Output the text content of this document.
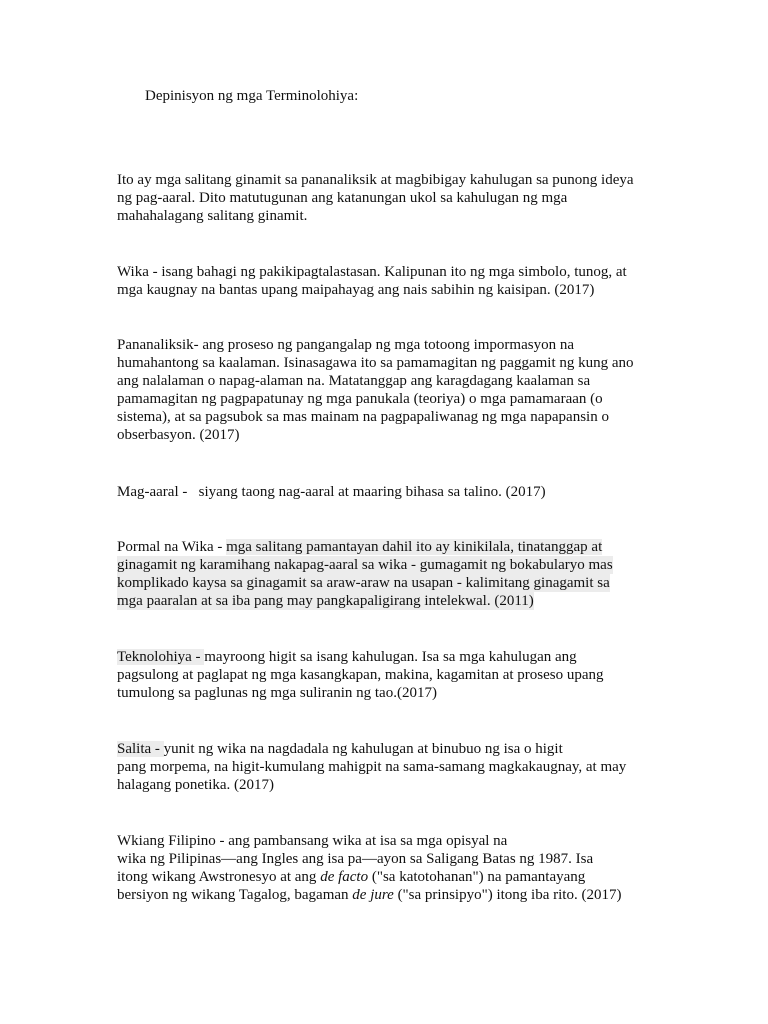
Depinisyon ng mga Terminolohiya:
Ito ay mga salitang ginamit sa pananaliksik at magbibigay kahulugan sa punong ideya
ng pag-aaral. Dito matutugunan ang katanungan ukol sa kahulugan ng mga
mahahalagang salitang ginamit.
Wika - isang bahagi ng pakikipagtalastasan. Kalipunan ito ng mga simbolo, tunog, at
mga kaugnay na bantas upang maipahayag ang nais sabihin ng kaisipan. (2017)
Pananaliksik- ang proseso ng pangangalap ng mga totoong impormasyon na
humahantong sa kaalaman. Isinasagawa ito sa pamamagitan ng paggamit ng kung ano
ang nalalaman o napag-alaman na. Matatanggap ang karagdagang kaalaman sa
pamamagitan ng pagpapatunay ng mga panukala (teoriya) o mga pamamaraan (o
sistema), at sa pagsubok sa mas mainam na pagpapaliwanag ng mga napapansin o
obserbasyon. (2017)
Mag-aaral -   siyang taong nag-aaral at maaring bihasa sa talino. (2017)
Pormal na Wika - mga salitang pamantayan dahil ito ay kinikilala, tinatanggap at
ginagamit ng karamihang nakapag-aaral sa wika - gumagamit ng bokabularyo mas
komplikado kaysa sa ginagamit sa araw-araw na usapan - kalimitang ginagamit sa
mga paaralan at sa iba pang may pangkapaligirang intelekwal. (2011)
Teknolohiya - mayroong higit sa isang kahulugan. Isa sa mga kahulugan ang
pagsulong at paglapat ng mga kasangkapan, makina, kagamitan at proseso upang
tumulong sa paglunas ng mga suliranin ng tao.(2017)
Salita - yunit ng wika na nagdadala ng kahulugan at binubuo ng isa o higit
pang morpema, na higit-kumulang mahigpit na sama-samang magkakaugnay, at may
halagang ponetika. (2017)
Wkiang Filipino - ang pambansang wika at isa sa mga opisyal na
wika ng Pilipinas—ang Ingles ang isa pa—ayon sa Saligang Batas ng 1987. Isa
itong wikang Awstronesyo at ang de facto ("sa katotohanan") na pamantayang
bersiyon ng wikang Tagalog, bagaman de jure ("sa prinsipyo") itong iba rito. (2017)
